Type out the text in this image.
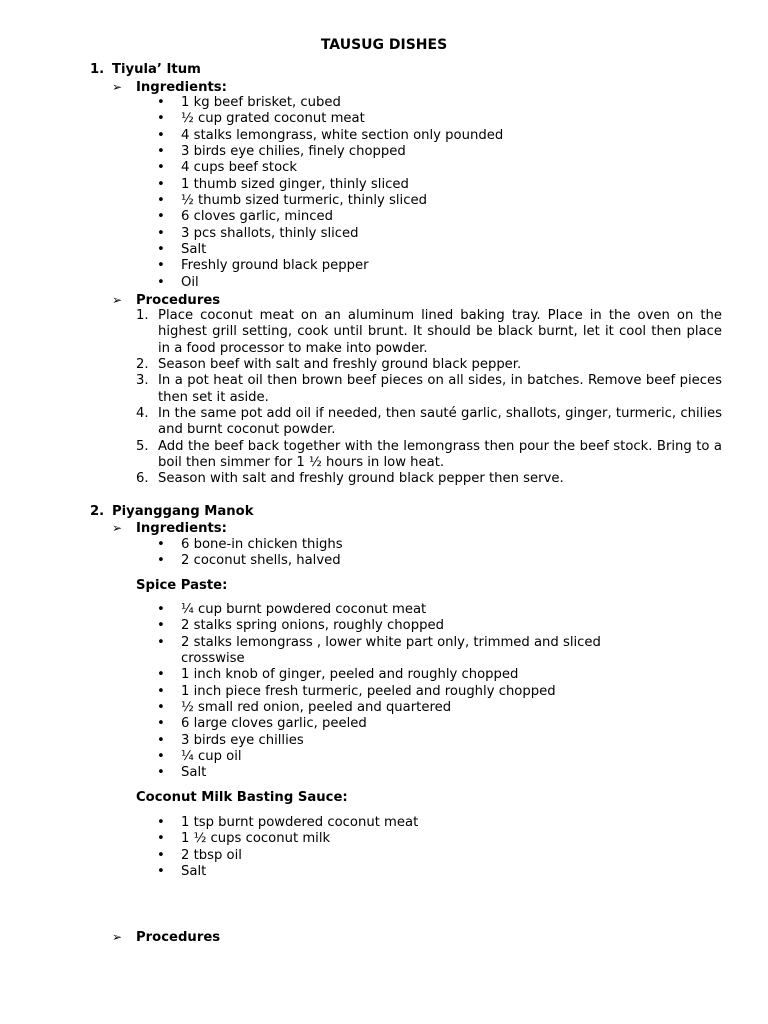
TAUSUG DISHES
1. Tiyula’ Itum
➢ Ingredients:
• 1 kg beef brisket, cubed
• ½ cup grated coconut meat
• 4 stalks lemongrass, white section only pounded
• 3 birds eye chilies, finely chopped
• 4 cups beef stock
• 1 thumb sized ginger, thinly sliced
• ½ thumb sized turmeric, thinly sliced
• 6 cloves garlic, minced
• 3 pcs shallots, thinly sliced
• Salt
• Freshly ground black pepper
• Oil
➢ Procedures
1. Place coconut meat on an aluminum lined baking tray. Place in the oven on the highest grill setting, cook until brunt. It should be black burnt, let it cool then place in a food processor to make into powder.
2. Season beef with salt and freshly ground black pepper.
3. In a pot heat oil then brown beef pieces on all sides, in batches. Remove beef pieces then set it aside.
4. In the same pot add oil if needed, then sauté garlic, shallots, ginger, turmeric, chilies and burnt coconut powder.
5. Add the beef back together with the lemongrass then pour the beef stock. Bring to a boil then simmer for 1 ½ hours in low heat.
6. Season with salt and freshly ground black pepper then serve.
2. Piyanggang Manok
➢ Ingredients:
• 6 bone-in chicken thighs
• 2 coconut shells, halved
Spice Paste:
• ¼ cup burnt powdered coconut meat
• 2 stalks spring onions, roughly chopped
• 2 stalks lemongrass , lower white part only, trimmed and sliced crosswise
• 1 inch knob of ginger, peeled and roughly chopped
• 1 inch piece fresh turmeric, peeled and roughly chopped
• ½ small red onion, peeled and quartered
• 6 large cloves garlic, peeled
• 3 birds eye chillies
• ¼ cup oil
• Salt
Coconut Milk Basting Sauce:
• 1 tsp burnt powdered coconut meat
• 1 ½ cups coconut milk
• 2 tbsp oil
• Salt
➢ Procedures
